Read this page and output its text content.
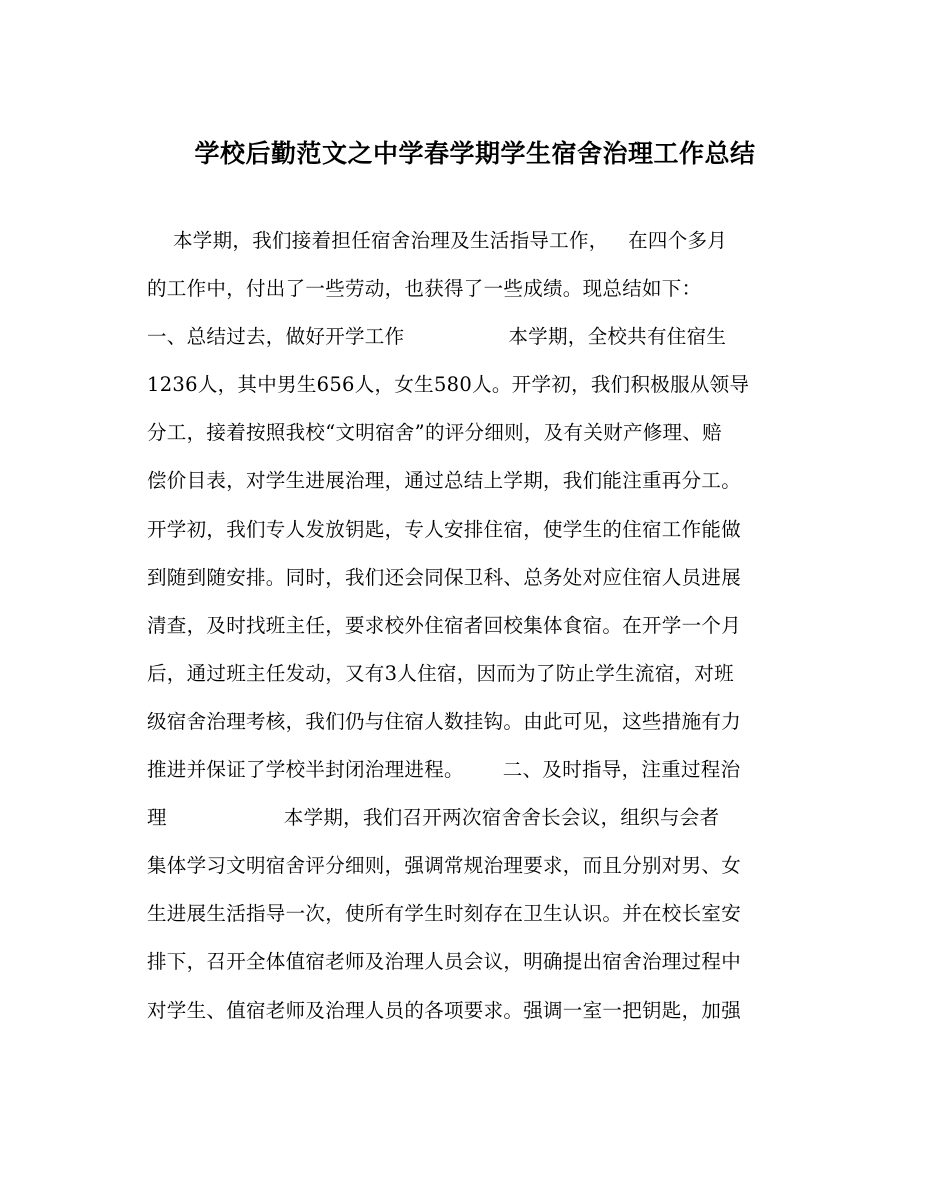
学校后勤范文之中学春学期学生宿舍治理工作总结
本学期，我们接着担任宿舍治理及生活指导工作，   在四个多月
的工作中，付出了一些劳动，也获得了一些成绩。现总结如下：
一、总结过去，做好开学工作                本学期，全校共有住宿生
1236人，其中男生656人，女生580人。开学初，我们积极服从领导
分工，接着按照我校“文明宿舍”的评分细则，及有关财产修理、赔
偿价目表，对学生进展治理，通过总结上学期，我们能注重再分工。
开学初，我们专人发放钥匙，专人安排住宿，使学生的住宿工作能做
到随到随安排。同时，我们还会同保卫科、总务处对应住宿人员进展
清查，及时找班主任，要求校外住宿者回校集体食宿。在开学一个月
后，通过班主任发动，又有3人住宿，因而为了防止学生流宿，对班
级宿舍治理考核，我们仍与住宿人数挂钩。由此可见，这些措施有力
推进并保证了学校半封闭治理进程。      二、及时指导，注重过程治
理                  本学期，我们召开两次宿舍舍长会议，组织与会者
集体学习文明宿舍评分细则，强调常规治理要求，而且分别对男、女
生进展生活指导一次，使所有学生时刻存在卫生认识。并在校长室安
排下，召开全体值宿老师及治理人员会议，明确提出宿舍治理过程中
对学生、值宿老师及治理人员的各项要求。强调一室一把钥匙，加强
